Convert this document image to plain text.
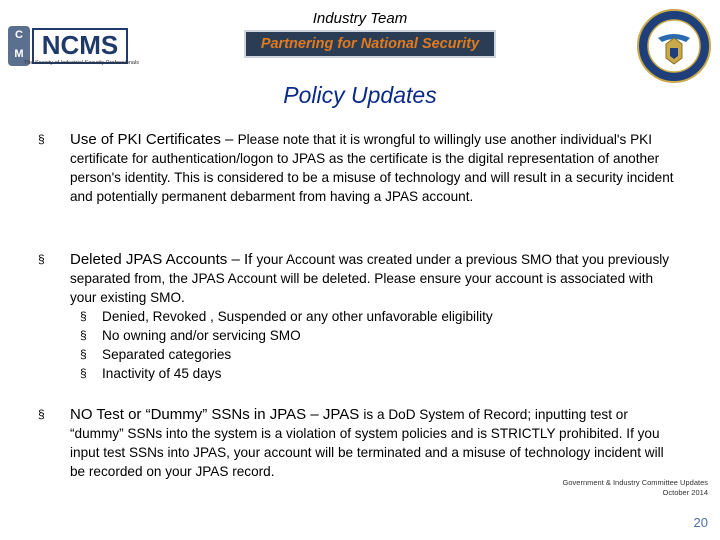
Industry Team
C
M NCMS
The Society of Industrial Security Professionals
Partnering for National Security
Policy Updates
§ Use of PKI Certificates – Please note that it is wrongful to willingly use another individual's PKI certificate for authentication/logon to JPAS as the certificate is the digital representation of another person's identity. This is considered to be a misuse of technology and will result in a security incident and potentially permanent debarment from having a JPAS account.
§ Deleted JPAS Accounts – If your Account was created under a previous SMO that you previously separated from, the JPAS Account will be deleted. Please ensure your account is associated with your existing SMO.
§ Denied, Revoked , Suspended or any other unfavorable eligibility
§ No owning and/or servicing SMO
§ Separated categories
§ Inactivity of 45 days
§ NO Test or “Dummy” SSNs in JPAS – JPAS is a DoD System of Record; inputting test or “dummy” SSNs into the system is a violation of system policies and is STRICTLY prohibited. If you input test SSNs into JPAS, your account will be terminated and a misuse of technology incident will be recorded on your JPAS record.
Government & Industry Committee Updates
October 2014
20
